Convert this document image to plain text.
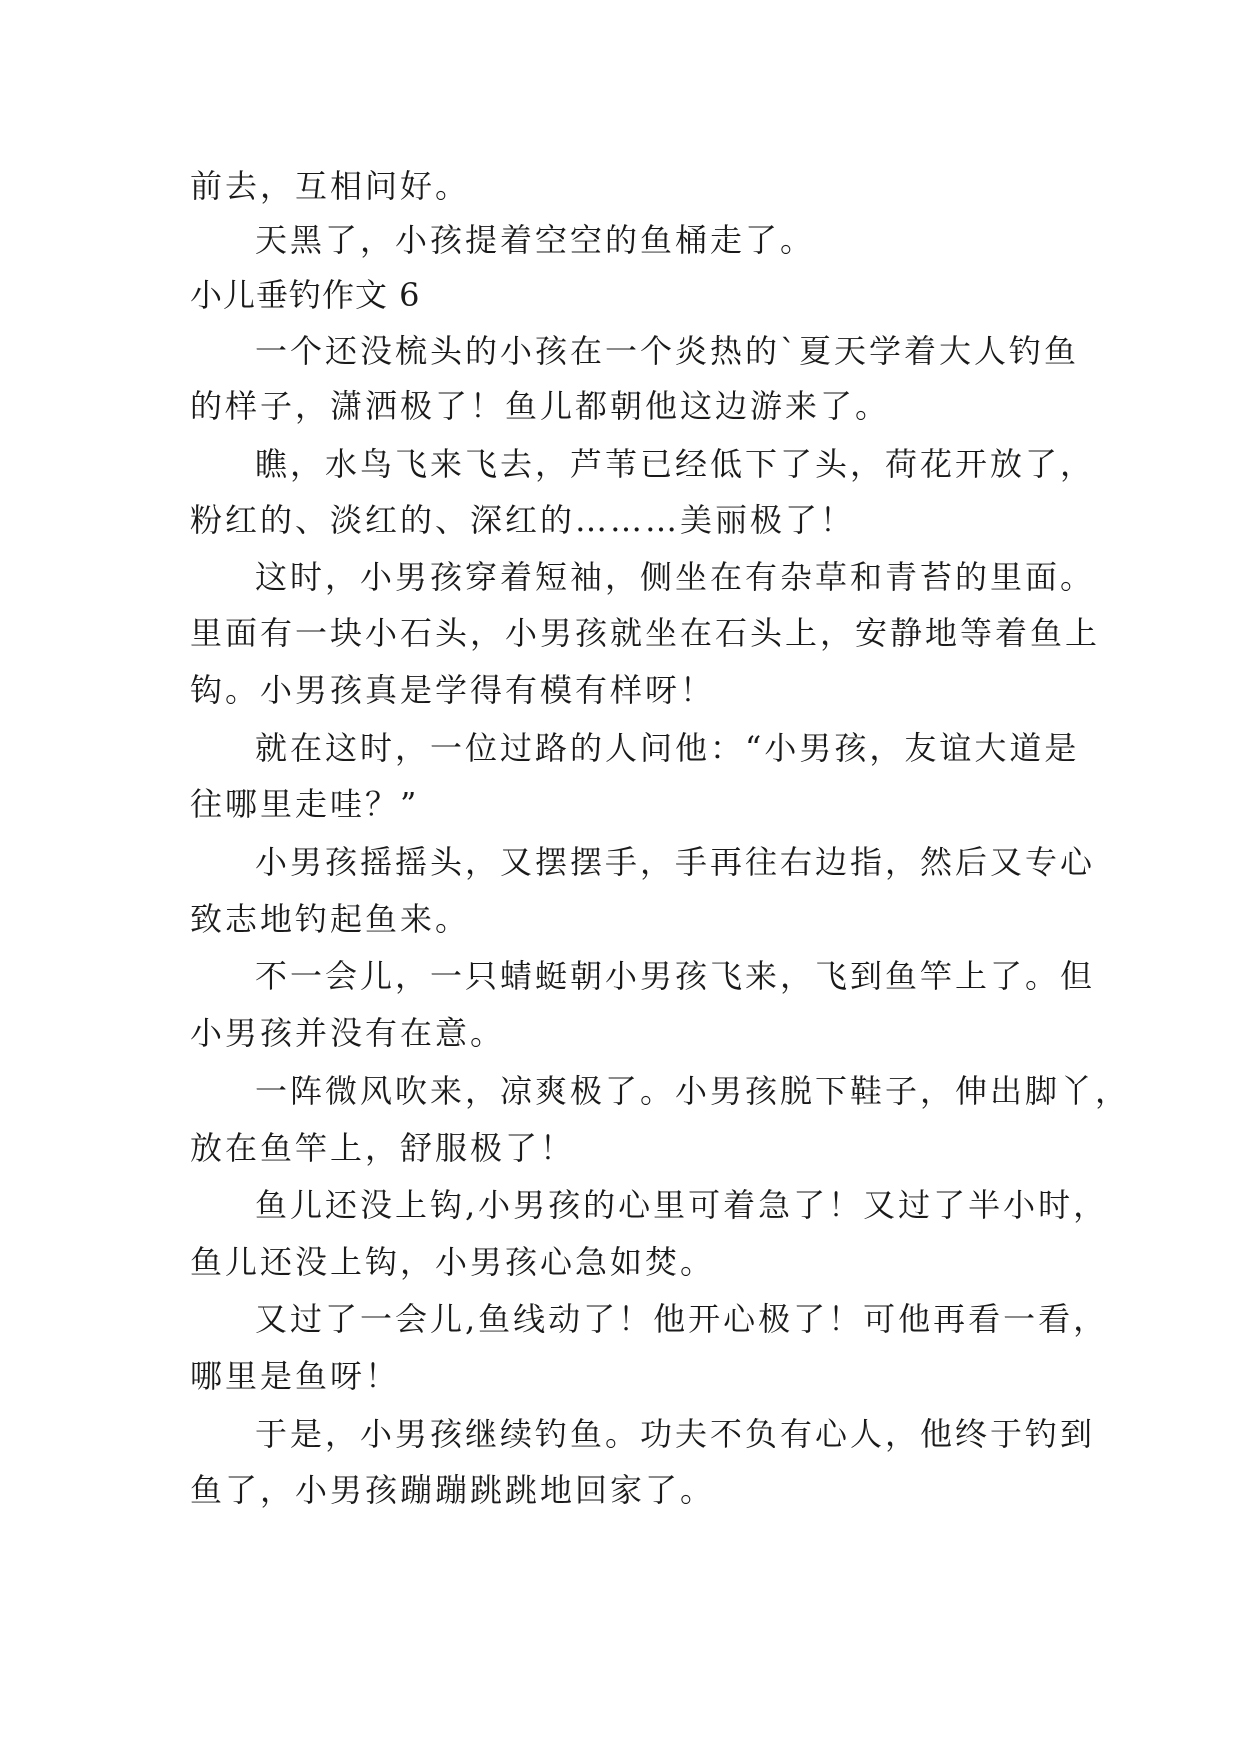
前去，互相问好。
天黑了，小孩提着空空的鱼桶走了。
小儿垂钓作文 6
一个还没梳头的小孩在一个炎热的`夏天学着大人钓鱼
的样子，潇洒极了！鱼儿都朝他这边游来了。
瞧，水鸟飞来飞去，芦苇已经低下了头，荷花开放了，
粉红的、淡红的、深红的………美丽极了！
这时，小男孩穿着短袖，侧坐在有杂草和青苔的里面。
里面有一块小石头，小男孩就坐在石头上，安静地等着鱼上
钩。小男孩真是学得有模有样呀！
就在这时，一位过路的人问他：“小男孩，友谊大道是
往哪里走哇？”
小男孩摇摇头，又摆摆手，手再往右边指，然后又专心
致志地钓起鱼来。
不一会儿，一只蜻蜓朝小男孩飞来，飞到鱼竿上了。但
小男孩并没有在意。
一阵微风吹来，凉爽极了。小男孩脱下鞋子，伸出脚丫，
放在鱼竿上，舒服极了！
鱼儿还没上钩,小男孩的心里可着急了！又过了半小时，
鱼儿还没上钩，小男孩心急如焚。
又过了一会儿,鱼线动了！他开心极了！可他再看一看，
哪里是鱼呀！
于是，小男孩继续钓鱼。功夫不负有心人，他终于钓到
鱼了，小男孩蹦蹦跳跳地回家了。
